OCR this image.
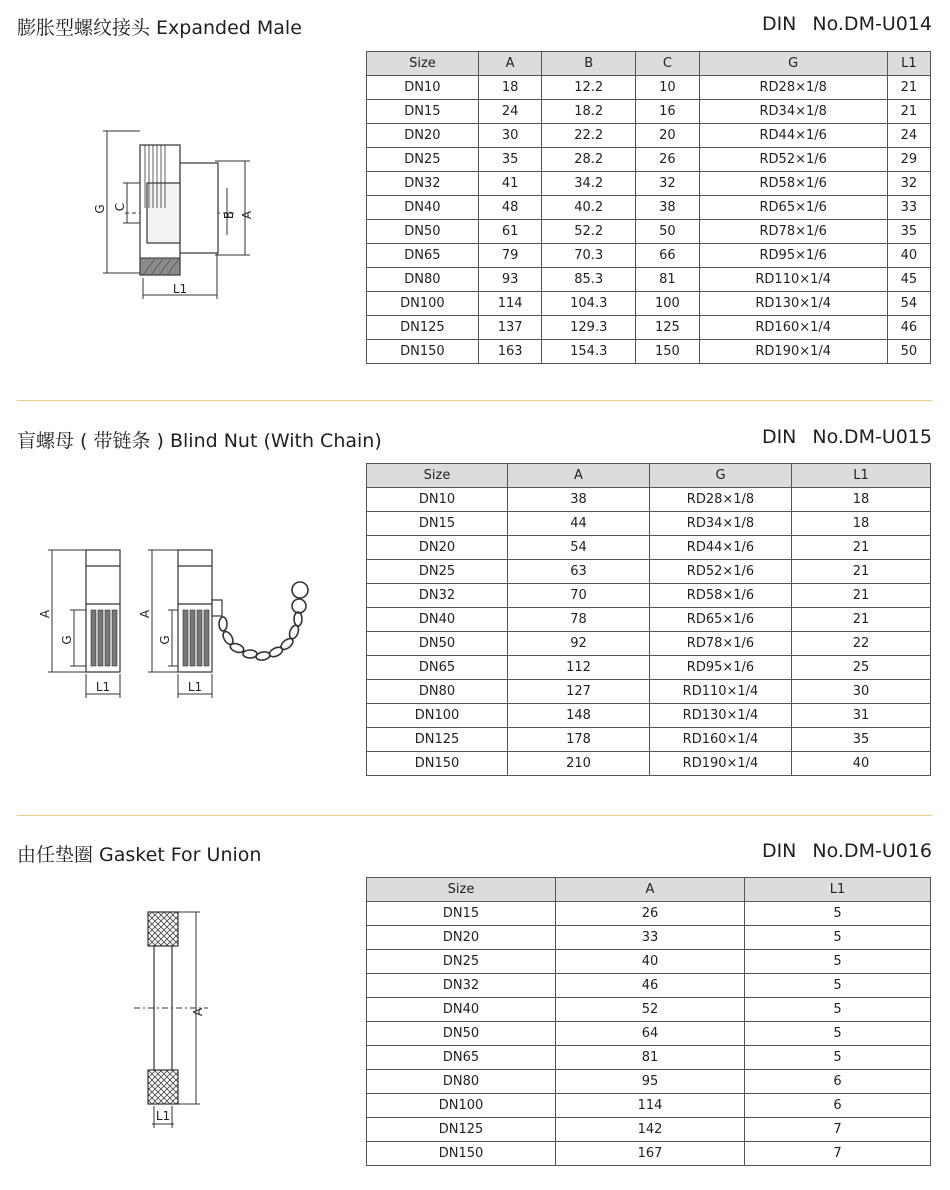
膨胀型螺纹接头 Expanded Male	DIN No.DM-U014
G C
B A
L1
Size	A	B	C	G	L1
DN10	18	12.2	10	RD28×1/8	21
DN15	24	18.2	16	RD34×1/8	21
DN20	30	22.2	20	RD44×1/6	24
DN25	35	28.2	26	RD52×1/6	29
DN32	41	34.2	32	RD58×1/6	32
DN40	48	40.2	38	RD65×1/6	33
DN50	61	52.2	50	RD78×1/6	35
DN65	79	70.3	66	RD95×1/6	40
DN80	93	85.3	81	RD110×1/4	45
DN100	114	104.3	100	RD130×1/4	54
DN125	137	129.3	125	RD160×1/4	46
DN150	163	154.3	150	RD190×1/4	50
盲螺母 ( 带链条 ) Blind Nut (With Chain)	DIN No.DM-U015
A
G
L1
A
G
L1
Size	A	G	L1
DN10	38	RD28×1/8	18
DN15	44	RD34×1/8	18
DN20	54	RD44×1/6	21
DN25	63	RD52×1/6	21
DN32	70	RD58×1/6	21
DN40	78	RD65×1/6	21
DN50	92	RD78×1/6	22
DN65	112	RD95×1/6	25
DN80	127	RD110×1/4	30
DN100	148	RD130×1/4	31
DN125	178	RD160×1/4	35
DN150	210	RD190×1/4	40
由任垫圈 Gasket For Union	DIN No.DM-U016
A
L1
Size	A	L1
DN15	26	5
DN20	33	5
DN25	40	5
DN32	46	5
DN40	52	5
DN50	64	5
DN65	81	5
DN80	95	6
DN100	114	6
DN125	142	7
DN150	167	7
